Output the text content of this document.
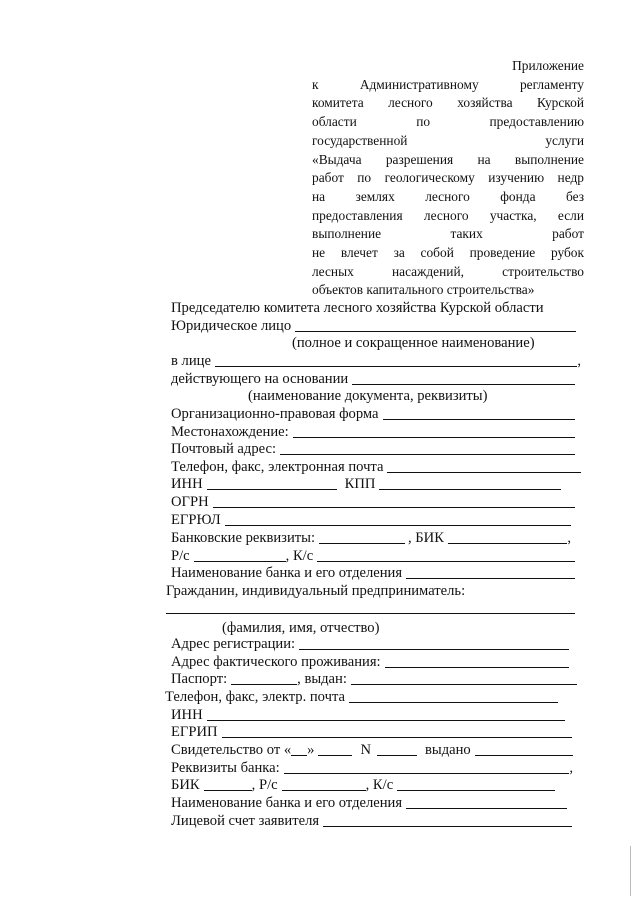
Приложение
к Административному регламенту
комитета лесного хозяйства Курской
области по предоставлению
государственной услуги
«Выдача разрешения на выполнение
работ по геологическому изучению недр
на землях лесного фонда без
предоставления лесного участка, если
выполнение таких работ
не влечет за собой проведение рубок
лесных насаждений, строительство
объектов капитального строительства»
Председателю комитета лесного хозяйства Курской области
Юридическое лицо
(полное и сокращенное наименование)
в лице	,
действующего на основании
(наименование документа, реквизиты)
Организационно-правовая форма
Местонахождение:
Почтовый адрес:
Телефон, факс, электронная почта
ИНН	КПП
ОГРН
ЕГРЮЛ
Банковские реквизиты:	, БИК	,
Р/с	, К/с
Наименование банка и его отделения
Гражданин, индивидуальный предприниматель:
(фамилия, имя, отчество)
Адрес регистрации:
Адрес фактического проживания:
Паспорт:	, выдан:
Телефон, факс, электр. почта
ИНН
ЕГРИП
Свидетельство от « »	N	выдано
Реквизиты банка:	,
БИК	, Р/с	, К/с
Наименование банка и его отделения
Лицевой счет заявителя
